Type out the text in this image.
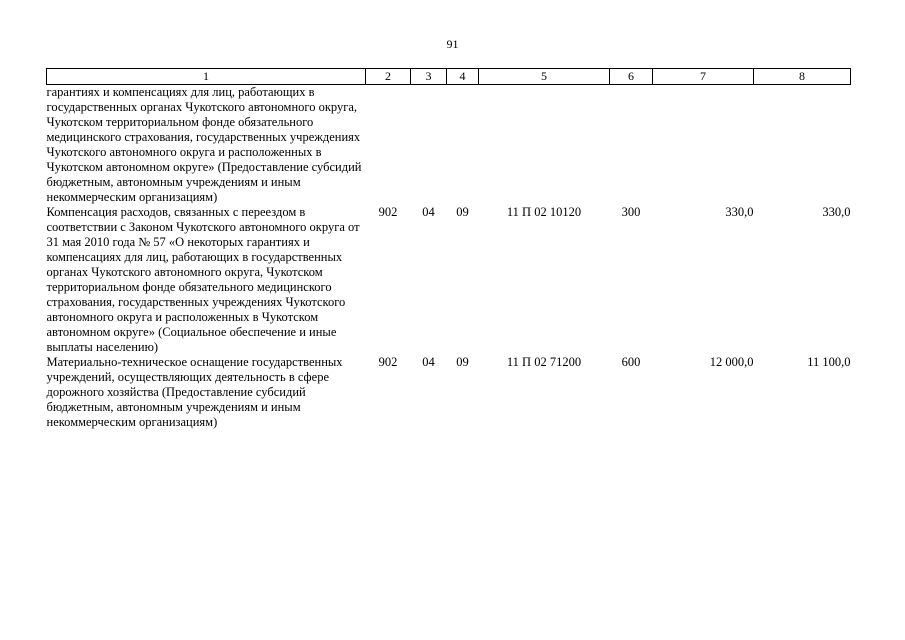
91
1	2	3	4	5	6	7	8
гарантиях и компенсациях для лиц, работающих в государственных органах Чукотского автономного округа, Чукотском территориальном фонде обязательного медицинского страхования, государственных учреждениях Чукотского автономного округа и расположенных в Чукотском автономном округе» (Предоставление субсидий бюджетным, автономным учреждениям и иным некоммерческим организациям)							
Компенсация расходов, связанных с переездом в соответствии с Законом Чукотского автономного округа от 31 мая 2010 года № 57 «О некоторых гарантиях и компенсациях для лиц, работающих в государственных органах Чукотского автономного округа, Чукотском территориальном фонде обязательного медицинского страхования, государственных учреждениях Чукотского автономного округа и расположенных в Чукотском автономном округе» (Социальное обеспечение и иные выплаты населению)	902	04	09	11 П 02 10120	300	330,0	330,0
Материально-техническое оснащение государственных учреждений, осуществляющих деятельность в сфере дорожного хозяйства (Предоставление субсидий бюджетным, автономным учреждениям и иным некоммерческим организациям)	902	04	09	11 П 02 71200	600	12 000,0	11 100,0
